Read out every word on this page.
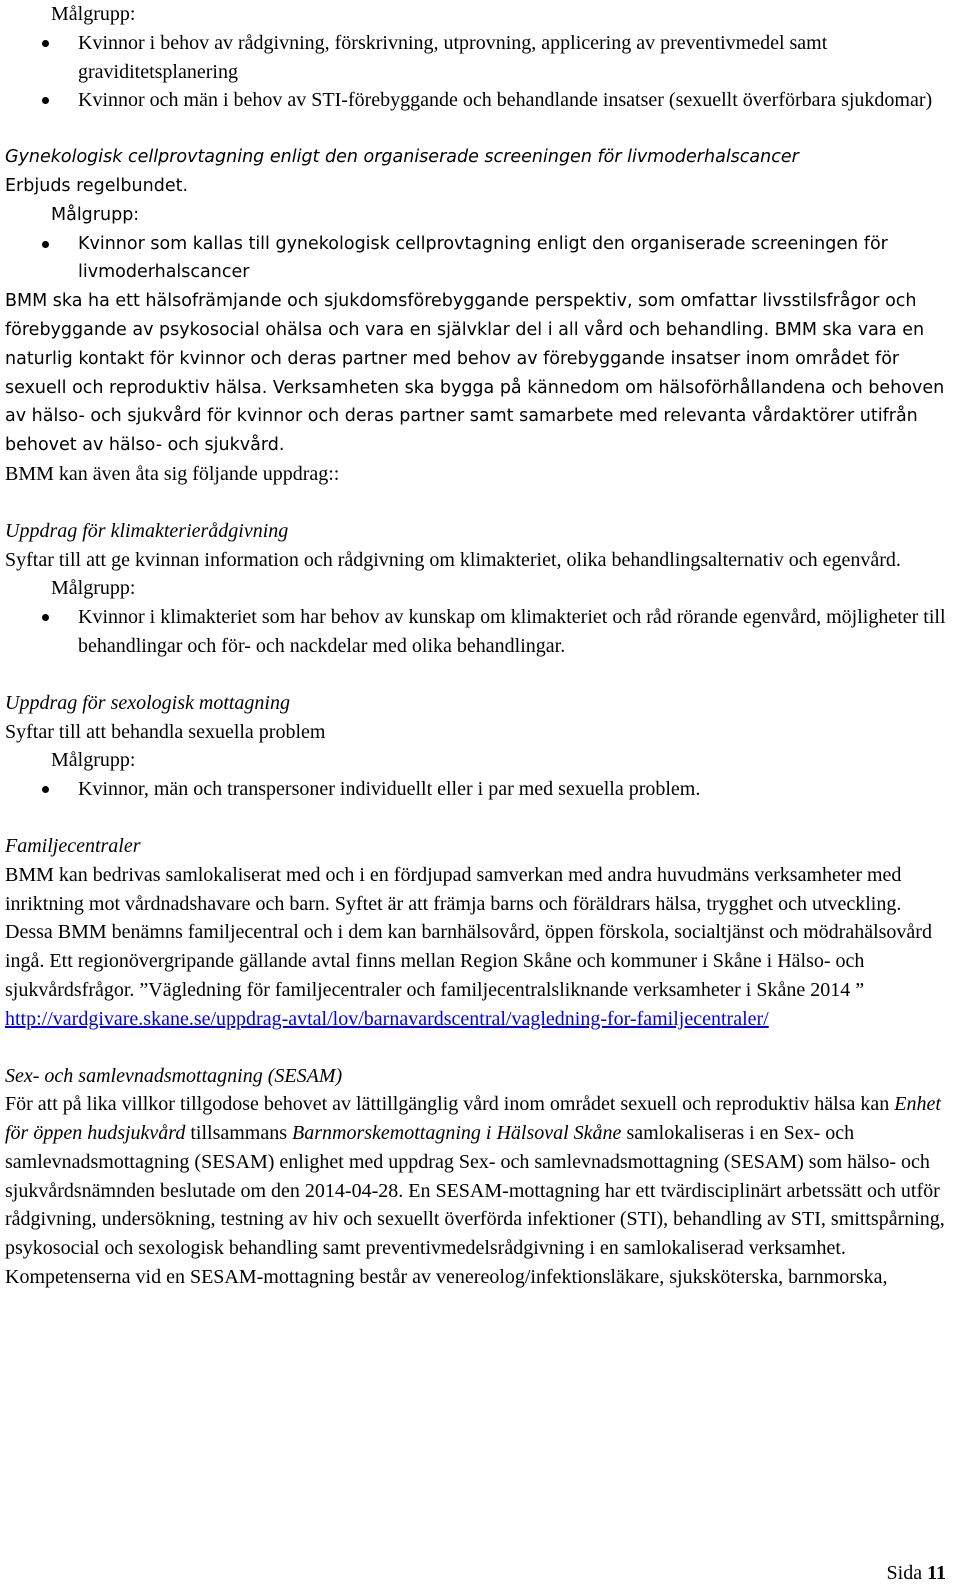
Målgrupp:

Kvinnor i behov av rådgivning, förskrivning, utprovning, applicering av preventivmedel samt graviditetsplanering
Kvinnor och män i behov av STI-förebyggande och behandlande insatser (sexuellt överförbara sjukdomar)

Gynekologisk cellprovtagning enligt den organiserade screeningen för livmoderhalscancer

Erbjuds regelbundet.

Målgrupp:

Kvinnor som kallas till gynekologisk cellprovtagning enligt den organiserade screeningen för livmoderhalscancer

BMM ska ha ett hälsofrämjande och sjukdomsförebyggande perspektiv, som omfattar livsstilsfrågor och förebyggande av psykosocial ohälsa och vara en självklar del i all vård och behandling. BMM ska vara en naturlig kontakt för kvinnor och deras partner med behov av förebyggande insatser inom området för sexuell och reproduktiv hälsa. Verksamheten ska bygga på kännedom om hälsoförhållandena och behoven av hälso- och sjukvård för kvinnor och deras partner samt samarbete med relevanta vårdaktörer utifrån behovet av hälso- och sjukvård.

BMM kan även åta sig följande uppdrag::

Uppdrag för klimakterierådgivning

Syftar till att ge kvinnan information och rådgivning om klimakteriet, olika behandlingsalternativ och egenvård.

Målgrupp:

Kvinnor i klimakteriet som har behov av kunskap om klimakteriet och råd rörande egenvård, möjligheter till behandlingar och för- och nackdelar med olika behandlingar.

Uppdrag för sexologisk mottagning

Syftar till att behandla sexuella problem

Målgrupp:

Kvinnor, män och transpersoner individuellt eller i par med sexuella problem.

Familjecentraler

BMM kan bedrivas samlokaliserat med och i en fördjupad samverkan med andra huvudmäns verksamheter med inriktning mot vårdnadshavare och barn. Syftet är att främja barns och föräldrars hälsa, trygghet och utveckling. Dessa BMM benämns familjecentral och i dem kan barnhälsovård, öppen förskola, socialtjänst och mödrahälsovård ingå. Ett regionövergripande gällande avtal finns mellan Region Skåne och kommuner i Skåne i Hälso- och sjukvårdsfrågor. ”Vägledning för familjecentraler och familjecentralsliknande verksamheter i Skåne 2014 ” http://vardgivare.skane.se/uppdrag-avtal/lov/barnavardscentral/vagledning-for-familjecentraler/

Sex- och samlevnadsmottagning (SESAM)

För att på lika villkor tillgodose behovet av lättillgänglig vård inom området sexuell och reproduktiv hälsa kan Enhet för öppen hudsjukvård tillsammans Barnmorskemottagning i Hälsoval Skåne samlokaliseras i en Sex- och samlevnadsmottagning (SESAM) enlighet med uppdrag Sex- och samlevnadsmottagning (SESAM) som hälso- och sjukvårdsnämnden beslutade om den 2014-04-28. En SESAM-mottagning har ett tvärdisciplinärt arbetssätt och utför rådgivning, undersökning, testning av hiv och sexuellt överförda infektioner (STI), behandling av STI, smittspårning, psykosocial och sexologisk behandling samt preventivmedelsrådgivning i en samlokaliserad verksamhet. Kompetenserna vid en SESAM-mottagning består av venereolog/infektionsläkare, sjuksköterska, barnmorska,

Sida 11
